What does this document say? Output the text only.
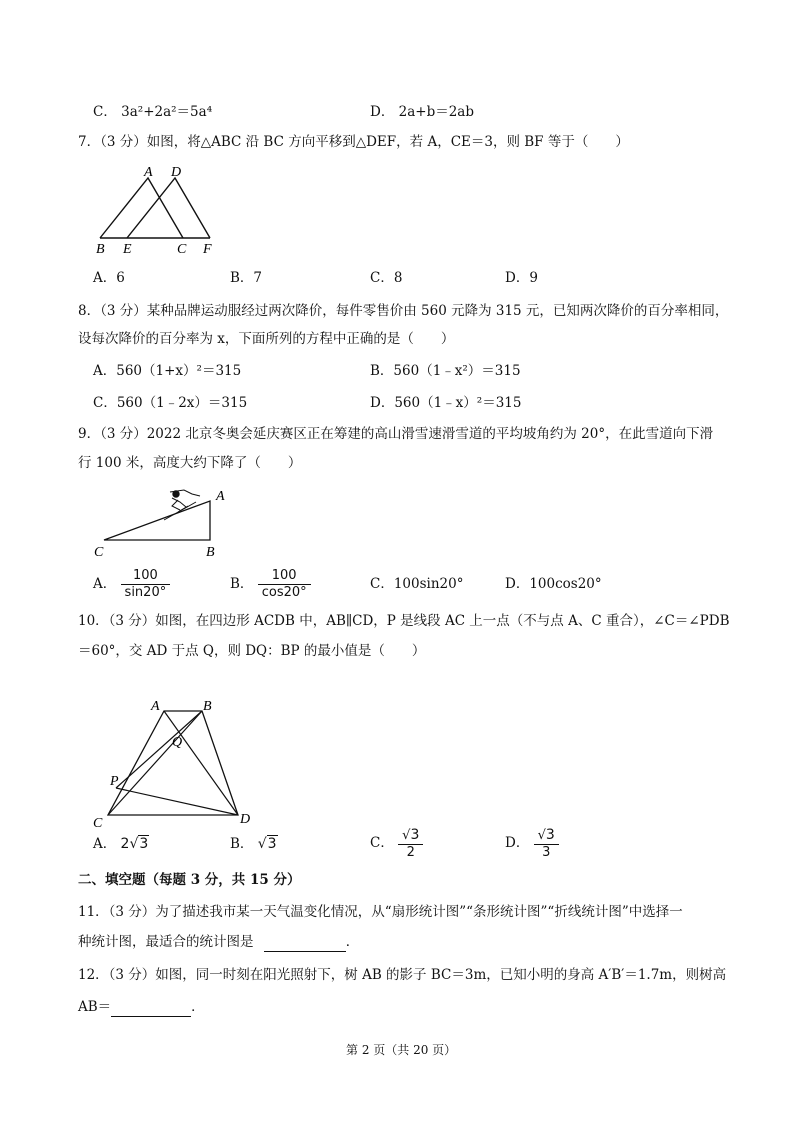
C． 3a²+2a²＝5a⁴	D． 2a+b＝2ab
7．（3 分）如图，将△ABC 沿 BC 方向平移到△DEF，若 A，CE＝3，则 BF 等于（　　）
A D
B E	C F
A．6	B．7	C．8	D．9
8．（3 分）某种品牌运动服经过两次降价，每件零售价由 560 元降为 315 元，已知两次降价的百分率相同，
设每次降价的百分率为 x，下面所列的方程中正确的是（　　）
A．560（1+x）²＝315	B．560（1﹣x²）＝315
C．560（1﹣2x）＝315	D．560（1﹣x）²＝315
9．（3 分）2022 北京冬奥会延庆赛区正在筹建的高山滑雪速滑雪道的平均坡角约为 20°，在此雪道向下滑
行 100 米，高度大约下降了（　　）
A
B
C
A． $\frac{100}{\sin 20^\circ}$	B． $\frac{100}{\cos 20^\circ}$	C．100sin20°	D．100cos20°
10．（3 分）如图，在四边形 ACDB 中，AB∥CD，P 是线段 AC 上一点（不与点 A、C 重合），∠C＝∠PDB
＝60°，交 AD 于点 Q，则 DQ：BP 的最小值是（　　）
A	B
Q
P
C	D
A． 2√3	B． √3	C． $\frac{√3}{2}$	D． $\frac{√3}{3}$
二、填空题（每题 3 分，共 15 分）
11．（3 分）为了描述我市某一天气温变化情况，从“扇形统计图”“条形统计图”“折线统计图”中选择一
种统计图，最适合的统计图是	．
12．（3 分）如图，同一时刻在阳光照射下，树 AB 的影子 BC＝3m，已知小明的身高 A′B′＝1.7m，则树高
AB＝	．
第 2 页（共 20 页）
